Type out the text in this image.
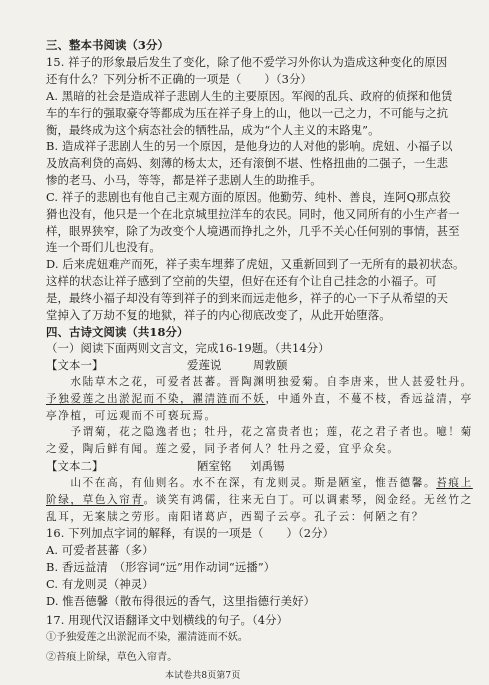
三、整本书阅读（3分）
15. 祥子的形象最后发生了变化，除了他不爱学习外你认为造成这种变化的原因
还有什么？下列分析不正确的一项是（　　）（3分）
A. 黑暗的社会是造成祥子悲剧人生的主要原因。军阀的乱兵、政府的侦探和他赁
车的车行的强取豪夺等都成为压在祥子身上的山，他以一己之力，不可能与之抗
衡，最终成为这个病态社会的牺牲品，成为“个人主义的末路鬼”。
B. 造成祥子悲剧人生的另一个原因，是他身边的人对他的影响。虎妞、小福子以
及放高利贷的高妈、刻薄的杨太太，还有滚倒不堪、性格扭曲的二强子，一生悲
惨的老马、小马，等等，都是祥子悲剧人生的助推手。
C. 祥子的悲剧也有他自己主观方面的原因。他勤劳、纯朴、善良，连阿Q那点狡
猾也没有，他只是一个在北京城里拉洋车的农民。同时，他又同所有的小生产者一
样，眼界狭窄，除了为改变个人境遇而挣扎之外，几乎不关心任何别的事情，甚至
连一个哥们儿也没有。
D. 后来虎妞难产而死，祥子卖车埋葬了虎妞，又重新回到了一无所有的最初状态。
这样的状态让祥子感到了空前的失望，但好在还有个让自己挂念的小福子。可
是，最终小福子却没有等到祥子的到来而远走他乡，祥子的心一下子从希望的天
堂掉入了万劫不复的地狱，祥子的内心彻底改变了，从此开始堕落。
四、古诗文阅读（共18分）
（一）阅读下面两则文言文，完成16-19题。（共14分）
【文本一】	爱莲说	周敦颐
　　水陆草木之花，可爱者甚蕃。晋陶渊明独爱菊。自李唐来，世人甚爱牡丹。
予独爱莲之出淤泥而不染，濯清涟而不妖，中通外直，不蔓不枝，香远益清，亭
亭净植，可远观而不可亵玩焉。
　　予谓菊，花之隐逸者也；牡丹，花之富贵者也；莲，花之君子者也。噫！菊
之爱，陶后鲜有闻。莲之爱，同予者何人？牡丹之爱，宜乎众矣。
【文本二】	陋室铭 刘禹锡
　　山不在高，有仙则名。水不在深，有龙则灵。斯是陋室，惟吾德馨。苔痕上
阶绿，草色入帘青。谈笑有鸿儒，往来无白丁。可以调素琴，阅金经。无丝竹之
乱耳，无案牍之劳形。南阳诸葛庐，西蜀子云亭。孔子云：何陋之有？
16. 下列加点字词的解释，有误的一项是（　　）（2分）
A. 可爱者甚蕃（多）
B. 香远益清　（形容词“远”用作动词“远播”）
C. 有龙则灵（神灵）
D. 惟吾德馨（散布得很远的香气，这里指德行美好）
17. 用现代汉语翻译文中划横线的句子。（4分）
①予独爱莲之出淤泥而不染，濯清涟而不妖。
②苔痕上阶绿，草色入帘青。
本试卷共8页第7页
